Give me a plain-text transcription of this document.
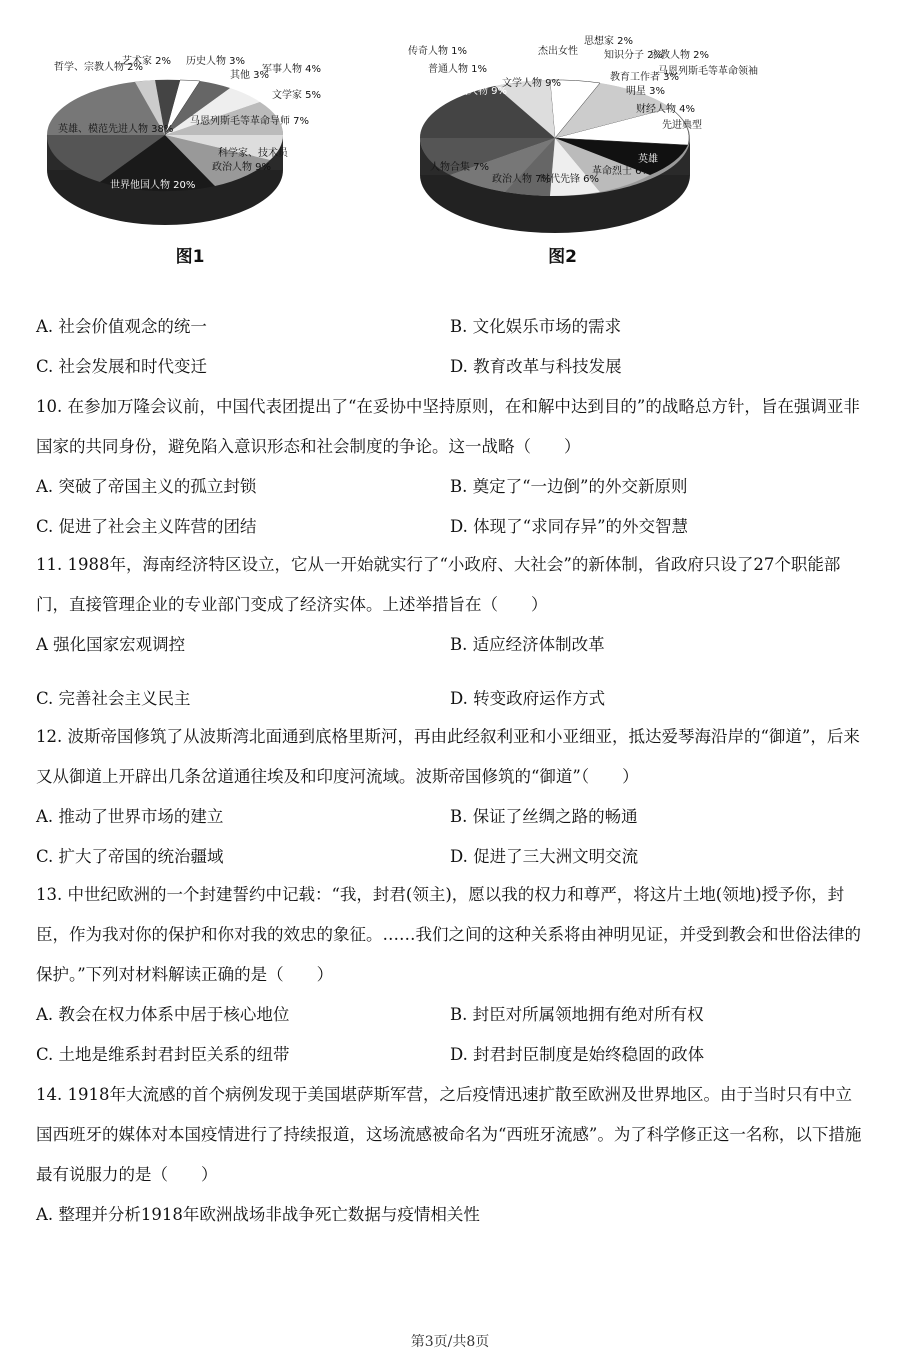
哲学、宗教人物 2%
艺术家 2% 历史人物 3%
其他 3%
军事人物 4%
文学家 5%
马恩列斯毛等革命导师 7%
科学家、技术员
政治人物 9%
世界他国人物 20%
英雄、模范先进人物 38%
图1
传奇人物 1%
普通人物 1%
杰出女性
思想家 2%
知识分子 2%
宗教人物 2%
马恩列斯毛等革命领袖
教育工作者 3%
明星 3%
财经人物 4%
先进典型
文学人物 9%
历史人物 9%
人物合集 7%
政治人物 7%
时代先锋 6%
革命烈士 6%
英雄
图2
A. 社会价值观念的统一	B. 文化娱乐市场的需求
C. 社会发展和时代变迁	D. 教育改革与科技发展
10. 在参加万隆会议前，中国代表团提出了“在妥协中坚持原则，在和解中达到目的”的战略总方针，旨在强调亚非国家的共同身份，避免陷入意识形态和社会制度的争论。这一战略（　　）
A. 突破了帝国主义的孤立封锁	B. 奠定了“一边倒”的外交新原则
C. 促进了社会主义阵营的团结	D. 体现了“求同存异”的外交智慧
11. 1988年，海南经济特区设立，它从一开始就实行了“小政府、大社会”的新体制，省政府只设了27个职能部门，直接管理企业的专业部门变成了经济实体。上述举措旨在（　　）
A 强化国家宏观调控	B. 适应经济体制改革
C. 完善社会主义民主	D. 转变政府运作方式
12. 波斯帝国修筑了从波斯湾北面通到底格里斯河，再由此经叙利亚和小亚细亚，抵达爱琴海沿岸的“御道”，后来又从御道上开辟出几条岔道通往埃及和印度河流域。波斯帝国修筑的“御道”（　　）
A. 推动了世界市场的建立	B. 保证了丝绸之路的畅通
C. 扩大了帝国的统治疆域	D. 促进了三大洲文明交流
13. 中世纪欧洲的一个封建誓约中记载：“我，封君(领主)，愿以我的权力和尊严，将这片土地(领地)授予你，封臣，作为我对你的保护和你对我的效忠的象征。……我们之间的这种关系将由神明见证，并受到教会和世俗法律的保护。”下列对材料解读正确的是（　　）
A. 教会在权力体系中居于核心地位	B. 封臣对所属领地拥有绝对所有权
C. 土地是维系封君封臣关系的纽带	D. 封君封臣制度是始终稳固的政体
14. 1918年大流感的首个病例发现于美国堪萨斯军营，之后疫情迅速扩散至欧洲及世界地区。由于当时只有中立国西班牙的媒体对本国疫情进行了持续报道，这场流感被命名为“西班牙流感”。为了科学修正这一名称，以下措施最有说服力的是（　　）
A. 整理并分析1918年欧洲战场非战争死亡数据与疫情相关性
第3页/共8页
